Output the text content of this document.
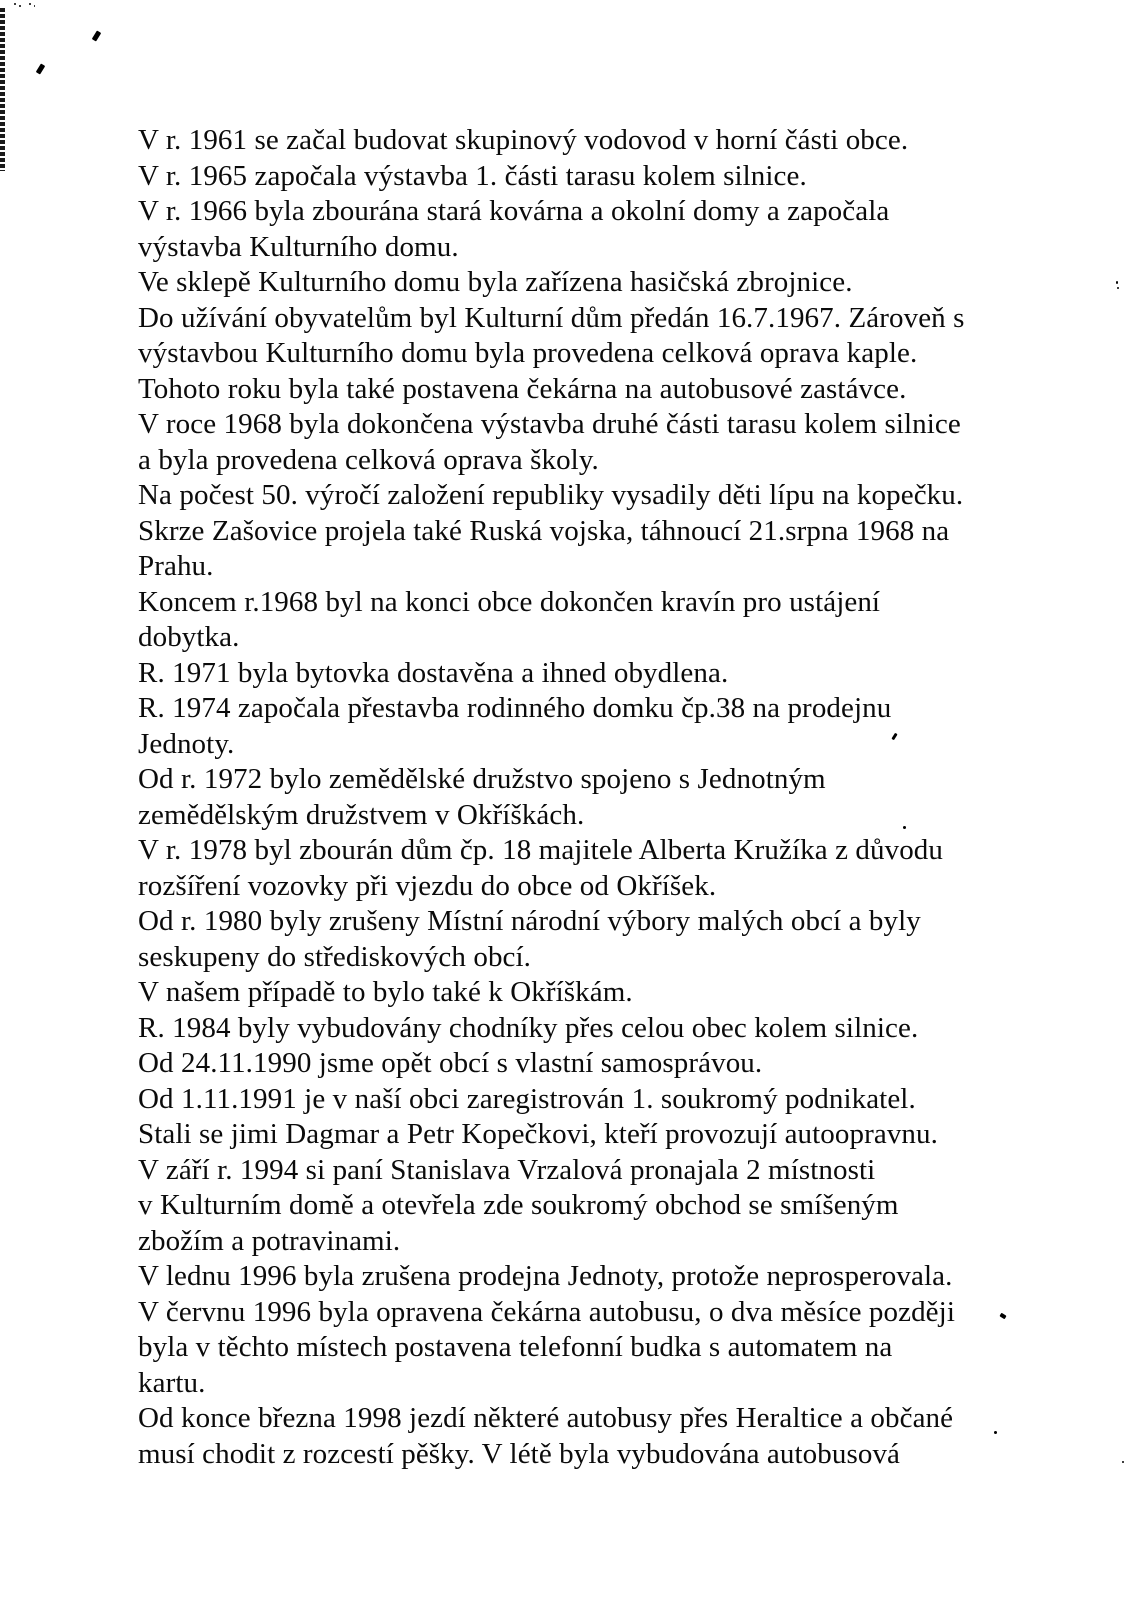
V r. 1961 se začal budovat skupinový vodovod v horní části obce.
V r. 1965 započala výstavba 1. části tarasu kolem silnice.
V r. 1966 byla zbourána stará kovárna a okolní domy a započala
výstavba Kulturního domu.
Ve sklepě Kulturního domu byla zařízena hasičská zbrojnice.
Do užívání obyvatelům byl Kulturní dům předán 16.7.1967. Zároveň s
výstavbou Kulturního domu byla provedena celková oprava kaple.
Tohoto roku byla také postavena čekárna na autobusové zastávce.
V roce 1968 byla dokončena výstavba druhé části tarasu kolem silnice
a byla provedena celková oprava školy.
Na počest 50. výročí založení republiky vysadily děti lípu na kopečku.
Skrze Zašovice projela také Ruská vojska, táhnoucí 21.srpna 1968 na
Prahu.
Koncem r.1968 byl na konci obce dokončen kravín pro ustájení
dobytka.
R. 1971 byla bytovka dostavěna a ihned obydlena.
R. 1974 započala přestavba rodinného domku čp.38 na prodejnu
Jednoty.
Od r. 1972 bylo zemědělské družstvo spojeno s Jednotným
zemědělským družstvem v Okříškách.
V r. 1978 byl zbourán dům čp. 18 majitele Alberta Kružíka z důvodu
rozšíření vozovky při vjezdu do obce od Okříšek.
Od r. 1980 byly zrušeny Místní národní výbory malých obcí a byly
seskupeny do střediskových obcí.
V našem případě to bylo také k Okříškám.
R. 1984 byly vybudovány chodníky přes celou obec kolem silnice.
Od 24.11.1990 jsme opět obcí s vlastní samosprávou.
Od 1.11.1991 je v naší obci zaregistrován 1. soukromý podnikatel.
Stali se jimi Dagmar a Petr Kopečkovi, kteří provozují autoopravnu.
V září r. 1994 si paní Stanislava Vrzalová pronajala 2 místnosti
v Kulturním domě a otevřela zde soukromý obchod se smíšeným
zbožím a potravinami.
V lednu 1996 byla zrušena prodejna Jednoty, protože neprosperovala.
V červnu 1996 byla opravena čekárna autobusu, o dva měsíce později
byla v těchto místech postavena telefonní budka s automatem na
kartu.
Od konce března 1998 jezdí některé autobusy přes Heraltice a občané
musí chodit z rozcestí pěšky. V létě byla vybudována autobusová
